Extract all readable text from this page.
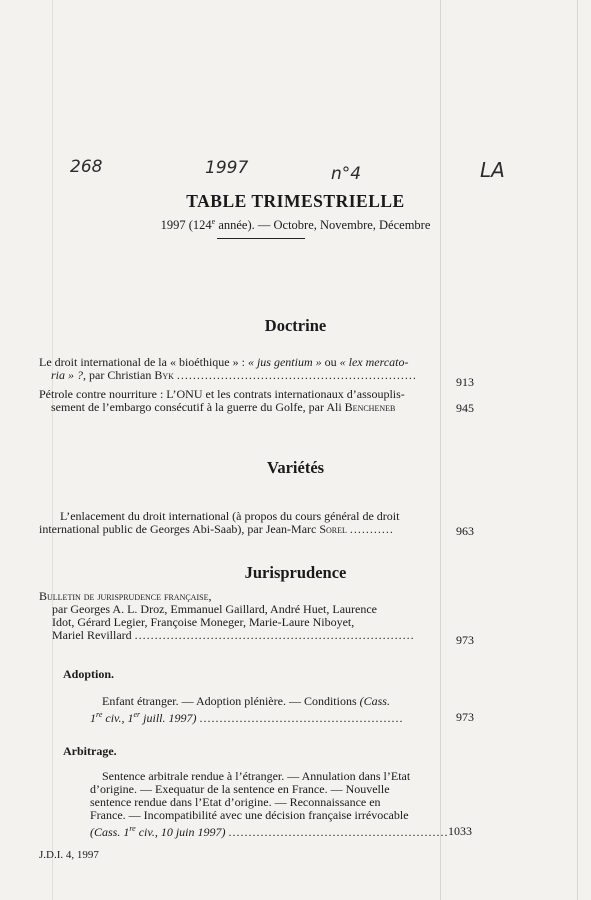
268	1997	n°4	LA
TABLE TRIMESTRIELLE
1997 (124e année). — Octobre, Novembre, Décembre
Doctrine
Le droit international de la « bioéthique » : « jus gentium » ou « lex mercato-
ria » ?, par Christian Byk ............................................................	913
Pétrole contre nourriture : L’ONU et les contrats internationaux d’assouplis-
sement de l’embargo consécutif à la guerre du Golfe, par Ali Bencheneb	945
Variétés
L’enlacement du droit international (à propos du cours général de droit
international public de Georges Abi-Saab), par Jean-Marc Sorel ...........	963
Jurisprudence
Bulletin de jurisprudence française,
par Georges A. L. Droz, Emmanuel Gaillard, André Huet, Laurence
Idot, Gérard Legier, Françoise Moneger, Marie-Laure Niboyet,
Mariel Revillard ......................................................................	973
Adoption.
Enfant étranger. — Adoption plénière. — Conditions (Cass.
1re civ., 1er juill. 1997) ...................................................	973
Arbitrage.
Sentence arbitrale rendue à l’étranger. — Annulation dans l’Etat
d’origine. — Exequatur de la sentence en France. — Nouvelle
sentence rendue dans l’Etat d’origine. — Reconnaissance en
France. — Incompatibilité avec une décision française irrévocable
(Cass. 1re civ., 10 juin 1997) ....................................................... 1033
J.D.I. 4, 1997
